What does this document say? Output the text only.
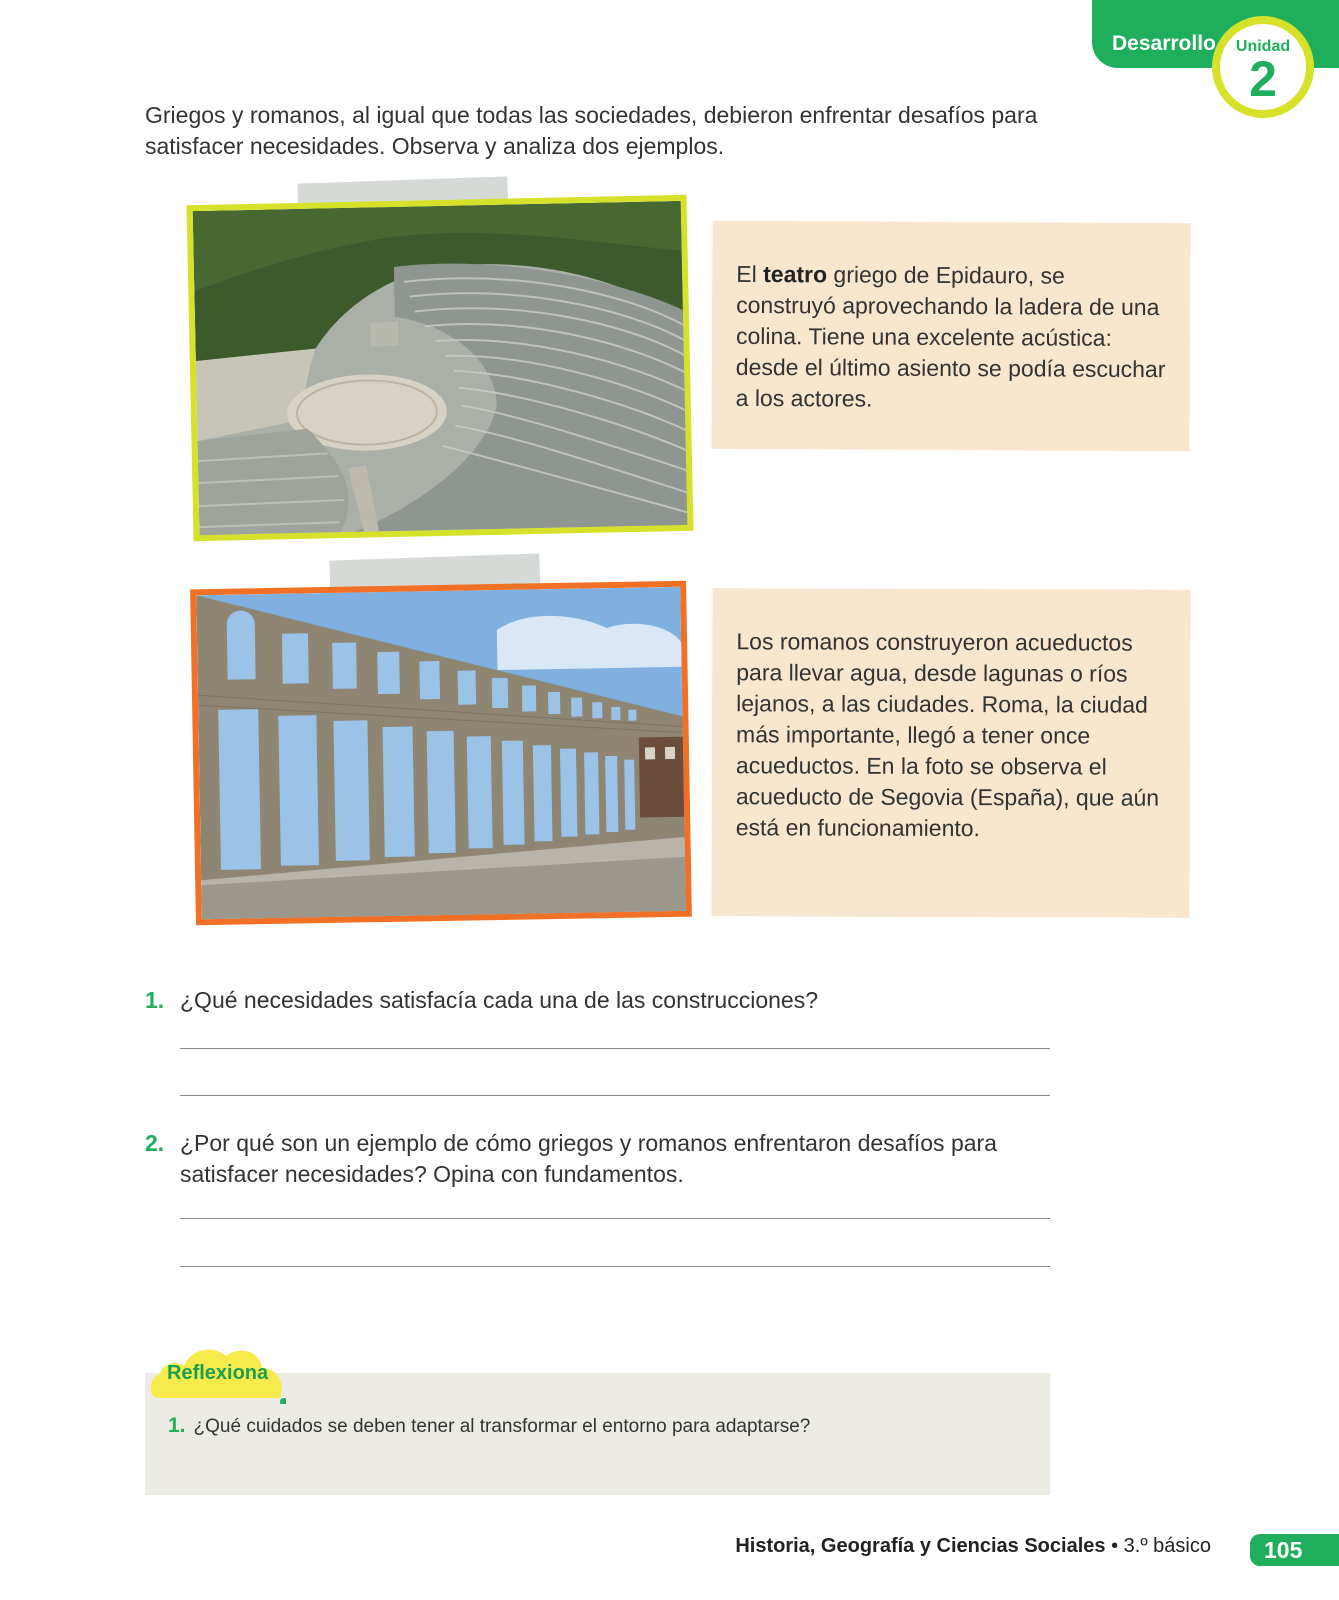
Desarrollo	Unidad
2
Griegos y romanos, al igual que todas las sociedades, debieron enfrentar desafíos para satisfacer necesidades. Observa y analiza dos ejemplos.
El teatro griego de Epidauro, se construyó aprovechando la ladera de una colina. Tiene una excelente acústica: desde el último asiento se podía escuchar a los actores.
Los romanos construyeron acueductos para llevar agua, desde lagunas o ríos lejanos, a las ciudades. Roma, la ciudad más importante, llegó a tener once acueductos. En la foto se observa el acueducto de Segovia (España), que aún está en funcionamiento.
1. ¿Qué necesidades satisfacía cada una de las construcciones?
2. ¿Por qué son un ejemplo de cómo griegos y romanos enfrentaron desafíos para satisfacer necesidades? Opina con fundamentos.
Reflexiona
1. ¿Qué cuidados se deben tener al transformar el entorno para adaptarse?
Historia, Geografía y Ciencias Sociales • 3.º básico	105
